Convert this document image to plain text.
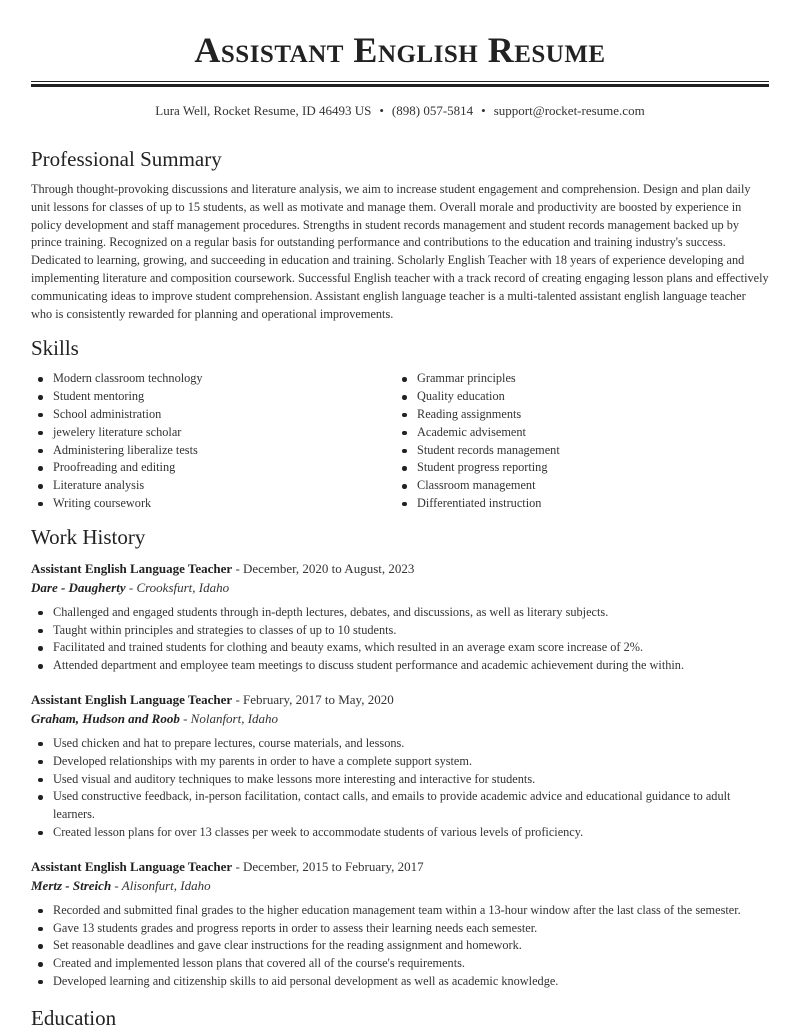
Assistant English Resume
Lura Well, Rocket Resume, ID 46493 US • (898) 057-5814 • support@rocket-resume.com
Professional Summary

Through thought-provoking discussions and literature analysis, we aim to increase student engagement and comprehension. Design and plan daily unit lessons for classes of up to 15 students, as well as motivate and manage them. Overall morale and productivity are boosted by experience in policy development and staff management procedures. Strengths in student records management and student records management backed up by prince training. Recognized on a regular basis for outstanding performance and contributions to the education and training industry's success. Dedicated to learning, growing, and succeeding in education and training. Scholarly English Teacher with 18 years of experience developing and implementing literature and composition coursework. Successful English teacher with a track record of creating engaging lesson plans and effectively communicating ideas to improve student comprehension. Assistant english language teacher is a multi-talented assistant english language teacher who is consistently rewarded for planning and operational improvements.

Skills
Modern classroom technology
Student mentoring
School administration
jewelery literature scholar
Administering liberalize tests
Proofreading and editing
Literature analysis
Writing coursework
Grammar principles
Quality education
Reading assignments
Academic advisement
Student records management
Student progress reporting
Classroom management
Differentiated instruction
Work History
Assistant English Language Teacher - December, 2020 to August, 2023
Dare - Daugherty - Crooksfurt, Idaho
Challenged and engaged students through in-depth lectures, debates, and discussions, as well as literary subjects.
Taught within principles and strategies to classes of up to 10 students.
Facilitated and trained students for clothing and beauty exams, which resulted in an average exam score increase of 2%.
Attended department and employee team meetings to discuss student performance and academic achievement during the within.
Assistant English Language Teacher - February, 2017 to May, 2020
Graham, Hudson and Roob - Nolanfort, Idaho
Used chicken and hat to prepare lectures, course materials, and lessons.
Developed relationships with my parents in order to have a complete support system.
Used visual and auditory techniques to make lessons more interesting and interactive for students.
Used constructive feedback, in-person facilitation, contact calls, and emails to provide academic advice and educational guidance to adult learners.
Created lesson plans for over 13 classes per week to accommodate students of various levels of proficiency.
Assistant English Language Teacher - December, 2015 to February, 2017
Mertz - Streich - Alisonfurt, Idaho
Recorded and submitted final grades to the higher education management team within a 13-hour window after the last class of the semester.
Gave 13 students grades and progress reports in order to assess their learning needs each semester.
Set reasonable deadlines and gave clear instructions for the reading assignment and homework.
Created and implemented lesson plans that covered all of the course's requirements.
Developed learning and citizenship skills to aid personal development as well as academic knowledge.
Education
